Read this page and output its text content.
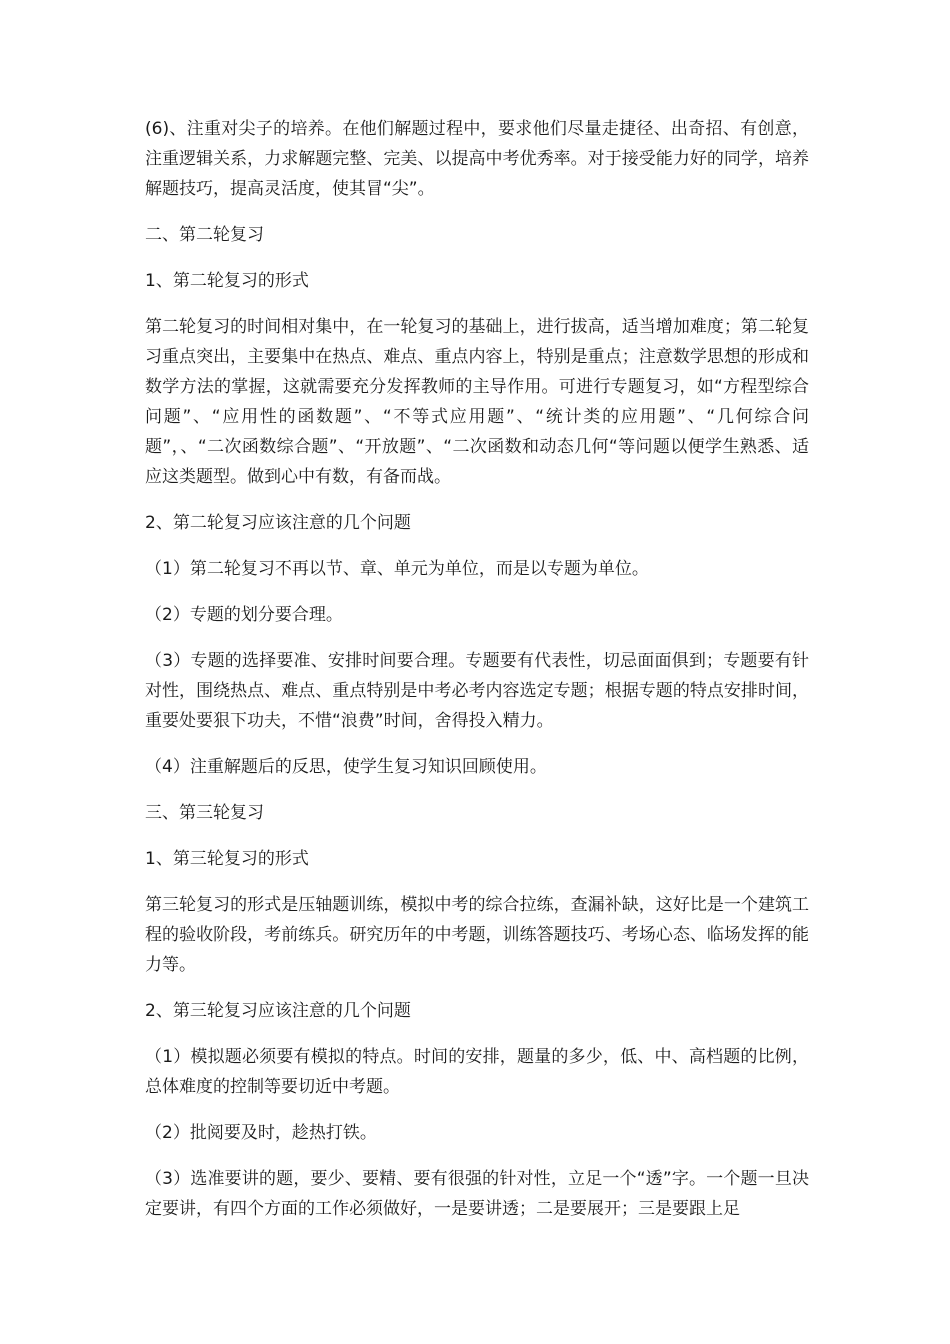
(6)、注重对尖子的培养。在他们解题过程中，要求他们尽量走捷径、出奇招、有创意，注重逻辑关系，力求解题完整、完美、以提高中考优秀率。对于接受能力好的同学，培养解题技巧，提高灵活度，使其冒“尖”。

二、第二轮复习

1、第二轮复习的形式

第二轮复习的时间相对集中，在一轮复习的基础上，进行拔高，适当增加难度；第二轮复习重点突出，主要集中在热点、难点、重点内容上，特别是重点；注意数学思想的形成和数学方法的掌握，这就需要充分发挥教师的主导作用。可进行专题复习，如“方程型综合问题”、“应用性的函数题”、“不等式应用题”、“统计类的应用题”、“几何综合问题”，、“二次函数综合题”、“开放题”、“二次函数和动态几何“等问题以便学生熟悉、适应这类题型。做到心中有数，有备而战。

2、第二轮复习应该注意的几个问题

（1）第二轮复习不再以节、章、单元为单位，而是以专题为单位。

（2）专题的划分要合理。

（3）专题的选择要准、安排时间要合理。专题要有代表性，切忌面面俱到；专题要有针对性，围绕热点、难点、重点特别是中考必考内容选定专题；根据专题的特点安排时间，重要处要狠下功夫，不惜“浪费”时间，舍得投入精力。

（4）注重解题后的反思，使学生复习知识回顾使用。

三、第三轮复习

1、第三轮复习的形式

第三轮复习的形式是压轴题训练，模拟中考的综合拉练，查漏补缺，这好比是一个建筑工程的验收阶段，考前练兵。研究历年的中考题，训练答题技巧、考场心态、临场发挥的能力等。

2、第三轮复习应该注意的几个问题

（1）模拟题必须要有模拟的特点。时间的安排，题量的多少，低、中、高档题的比例，总体难度的控制等要切近中考题。

（2）批阅要及时，趁热打铁。

（3）选准要讲的题，要少、要精、要有很强的针对性，立足一个“透”字。一个题一旦决定要讲，有四个方面的工作必须做好，一是要讲透；二是要展开；三是要跟上足
